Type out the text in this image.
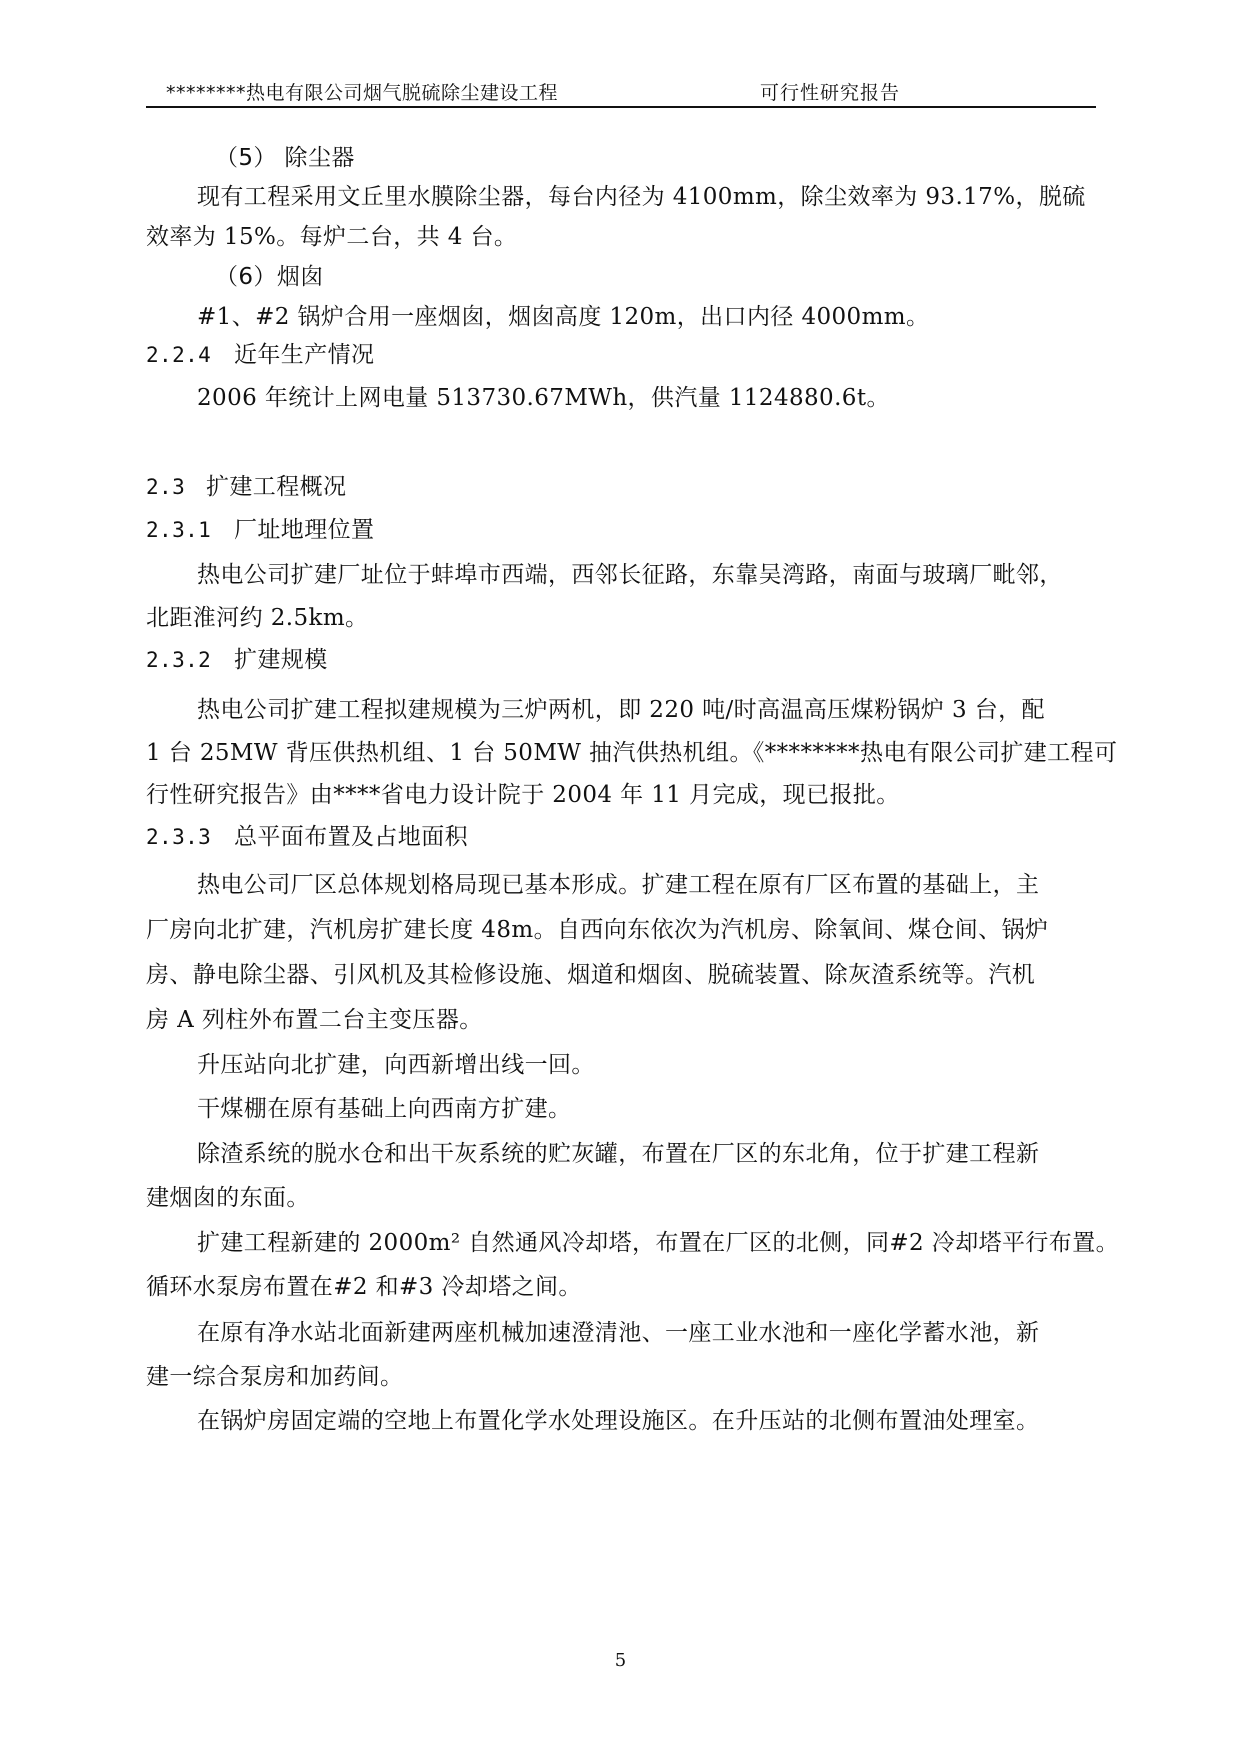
********热电有限公司烟气脱硫除尘建设工程	可行性研究报告
（5） 除尘器
现有工程采用文丘里水膜除尘器，每台内径为 4100mm，除尘效率为 93.17%，脱硫
效率为 15%。每炉二台，共 4 台。
（6）烟囱
#1、#2 锅炉合用一座烟囱，烟囱高度 120m，出口内径 4000mm。
2.2.4 近年生产情况
2006 年统计上网电量 513730.67MWh，供汽量 1124880.6t。
2.3 扩建工程概况
2.3.1 厂址地理位置
热电公司扩建厂址位于蚌埠市西端，西邻长征路，东靠吴湾路，南面与玻璃厂毗邻，
北距淮河约 2.5km。
2.3.2 扩建规模
热电公司扩建工程拟建规模为三炉两机，即 220 吨/时高温高压煤粉锅炉 3 台，配
1 台 25MW 背压供热机组、1 台 50MW 抽汽供热机组。《********热电有限公司扩建工程可
行性研究报告》由****省电力设计院于 2004 年 11 月完成，现已报批。
2.3.3 总平面布置及占地面积
热电公司厂区总体规划格局现已基本形成。扩建工程在原有厂区布置的基础上，主
厂房向北扩建，汽机房扩建长度 48m。自西向东依次为汽机房、除氧间、煤仓间、锅炉
房、静电除尘器、引风机及其检修设施、烟道和烟囱、脱硫装置、除灰渣系统等。汽机
房 A 列柱外布置二台主变压器。
升压站向北扩建，向西新增出线一回。
干煤棚在原有基础上向西南方扩建。
除渣系统的脱水仓和出干灰系统的贮灰罐，布置在厂区的东北角，位于扩建工程新
建烟囱的东面。
扩建工程新建的 2000m² 自然通风冷却塔，布置在厂区的北侧，同#2 冷却塔平行布置。
循环水泵房布置在#2 和#3 冷却塔之间。
在原有净水站北面新建两座机械加速澄清池、一座工业水池和一座化学蓄水池，新
建一综合泵房和加药间。
在锅炉房固定端的空地上布置化学水处理设施区。在升压站的北侧布置油处理室。
5
